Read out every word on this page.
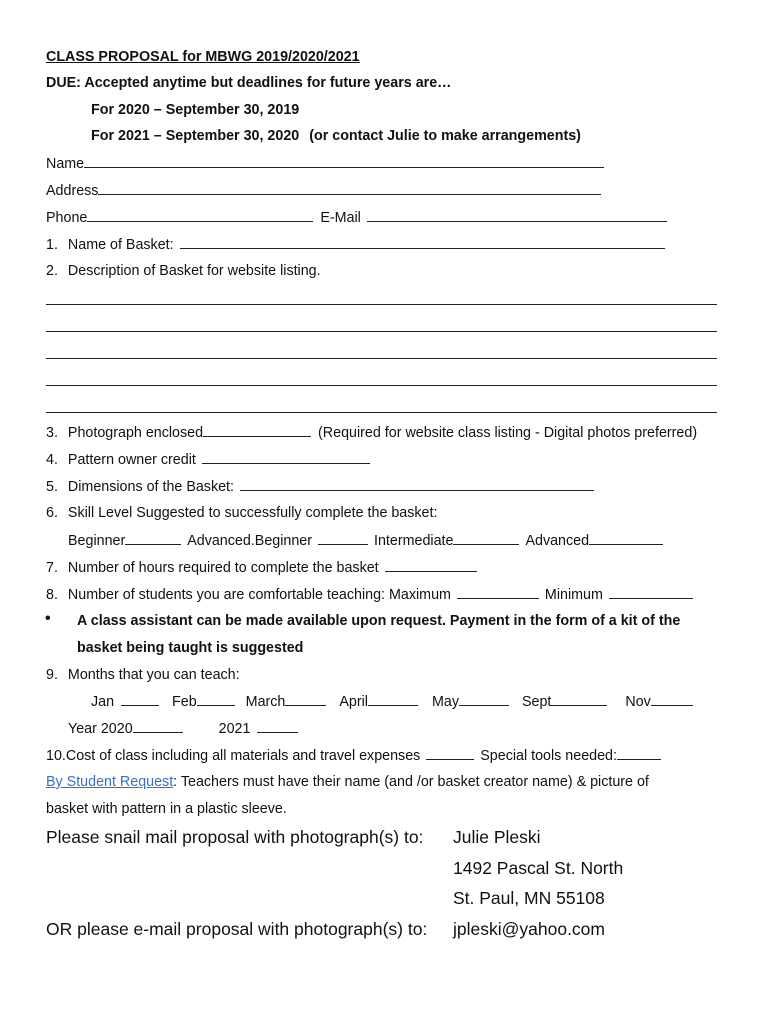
CLASS PROPOSAL for MBWG 2019/2020/2021
DUE: Accepted anytime but deadlines for future years are…
For 2020 – September 30, 2019
For 2021 – September 30, 2020 (or contact Julie to make arrangements)
Name
Address
Phone	E-Mail
1. Name of Basket:
2. Description of Basket for website listing.
3. Photograph enclosed	(Required for website class listing - Digital photos preferred)
4. Pattern owner credit
5. Dimensions of the Basket:
6. Skill Level Suggested to successfully complete the basket:
Beginner	Advanced.Beginner	Intermediate	Advanced
7. Number of hours required to complete the basket
8. Number of students you are comfortable teaching: Maximum	Minimum
• A class assistant can be made available upon request. Payment in the form of a kit of the
basket being taught is suggested
9. Months that you can teach:
Jan	Feb	March	April	May	Sept	Nov
Year 2020	2021
10.Cost of class including all materials and travel expenses	Special tools needed:
By Student Request: Teachers must have their name (and /or basket creator name) & picture of
basket with pattern in a plastic sleeve.
Please snail mail proposal with photograph(s) to: Julie Pleski
1492 Pascal St. North
St. Paul, MN 55108
OR please e-mail proposal with photograph(s) to: jpleski@yahoo.com
